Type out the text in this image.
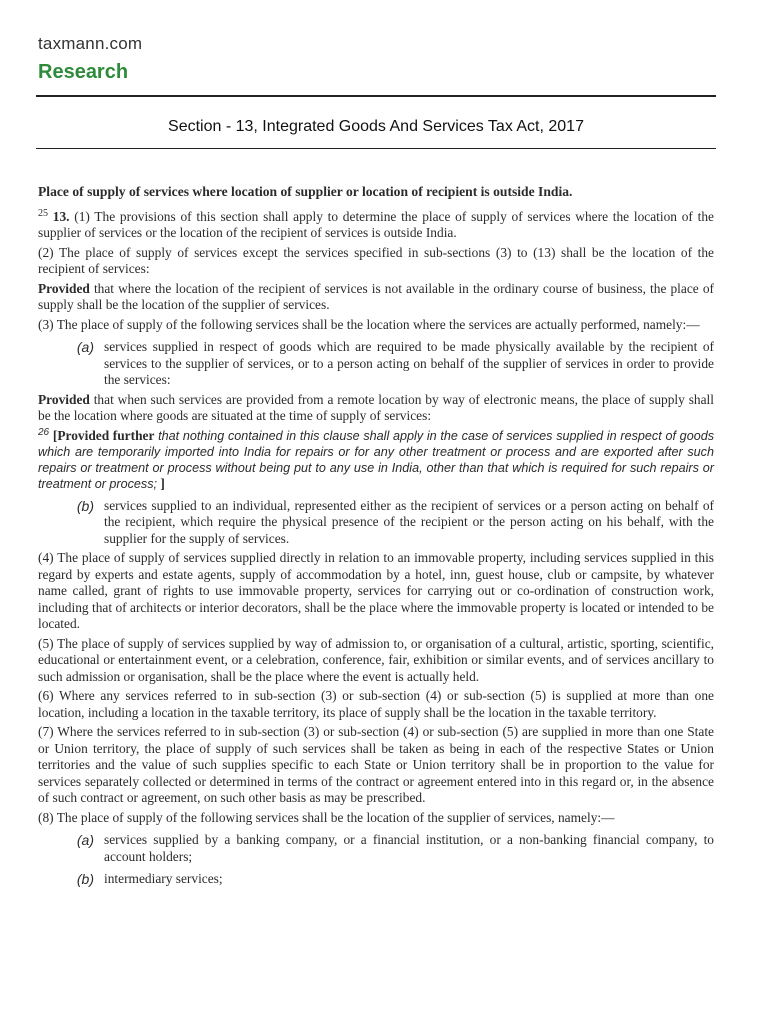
taxmann.com
Research
Section - 13, Integrated Goods And Services Tax Act, 2017

Place of supply of services where location of supplier or location of recipient is outside India.

$^{25}$ 13. (1) The provisions of this section shall apply to determine the place of supply of services where the location of the supplier of services or the location of the recipient of services is outside India.

(2) The place of supply of services except the services specified in sub-sections (3) to (13) shall be the location of the recipient of services:

Provided that where the location of the recipient of services is not available in the ordinary course of business, the place of supply shall be the location of the supplier of services.

(3) The place of supply of the following services shall be the location where the services are actually performed, namely:—

(a) services supplied in respect of goods which are required to be made physically available by the recipient of services to the supplier of services, or to a person acting on behalf of the supplier of services in order to provide the services:

Provided that when such services are provided from a remote location by way of electronic means, the place of supply shall be the location where goods are situated at the time of supply of services:

$^{26}$ [Provided further that nothing contained in this clause shall apply in the case of services supplied in respect of goods which are temporarily imported into India for repairs or for any other treatment or process and are exported after such repairs or treatment or process without being put to any use in India, other than that which is required for such repairs or treatment or process; ]

(b) services supplied to an individual, represented either as the recipient of services or a person acting on behalf of the recipient, which require the physical presence of the recipient or the person acting on his behalf, with the supplier for the supply of services.

(4) The place of supply of services supplied directly in relation to an immovable property, including services supplied in this regard by experts and estate agents, supply of accommodation by a hotel, inn, guest house, club or campsite, by whatever name called, grant of rights to use immovable property, services for carrying out or co-ordination of construction work, including that of architects or interior decorators, shall be the place where the immovable property is located or intended to be located.

(5) The place of supply of services supplied by way of admission to, or organisation of a cultural, artistic, sporting, scientific, educational or entertainment event, or a celebration, conference, fair, exhibition or similar events, and of services ancillary to such admission or organisation, shall be the place where the event is actually held.

(6) Where any services referred to in sub-section (3) or sub-section (4) or sub-section (5) is supplied at more than one location, including a location in the taxable territory, its place of supply shall be the location in the taxable territory.

(7) Where the services referred to in sub-section (3) or sub-section (4) or sub-section (5) are supplied in more than one State or Union territory, the place of supply of such services shall be taken as being in each of the respective States or Union territories and the value of such supplies specific to each State or Union territory shall be in proportion to the value for services separately collected or determined in terms of the contract or agreement entered into in this regard or, in the absence of such contract or agreement, on such other basis as may be prescribed.

(8) The place of supply of the following services shall be the location of the supplier of services, namely:—

(a) services supplied by a banking company, or a financial institution, or a non-banking financial company, to account holders;
(b) intermediary services;
